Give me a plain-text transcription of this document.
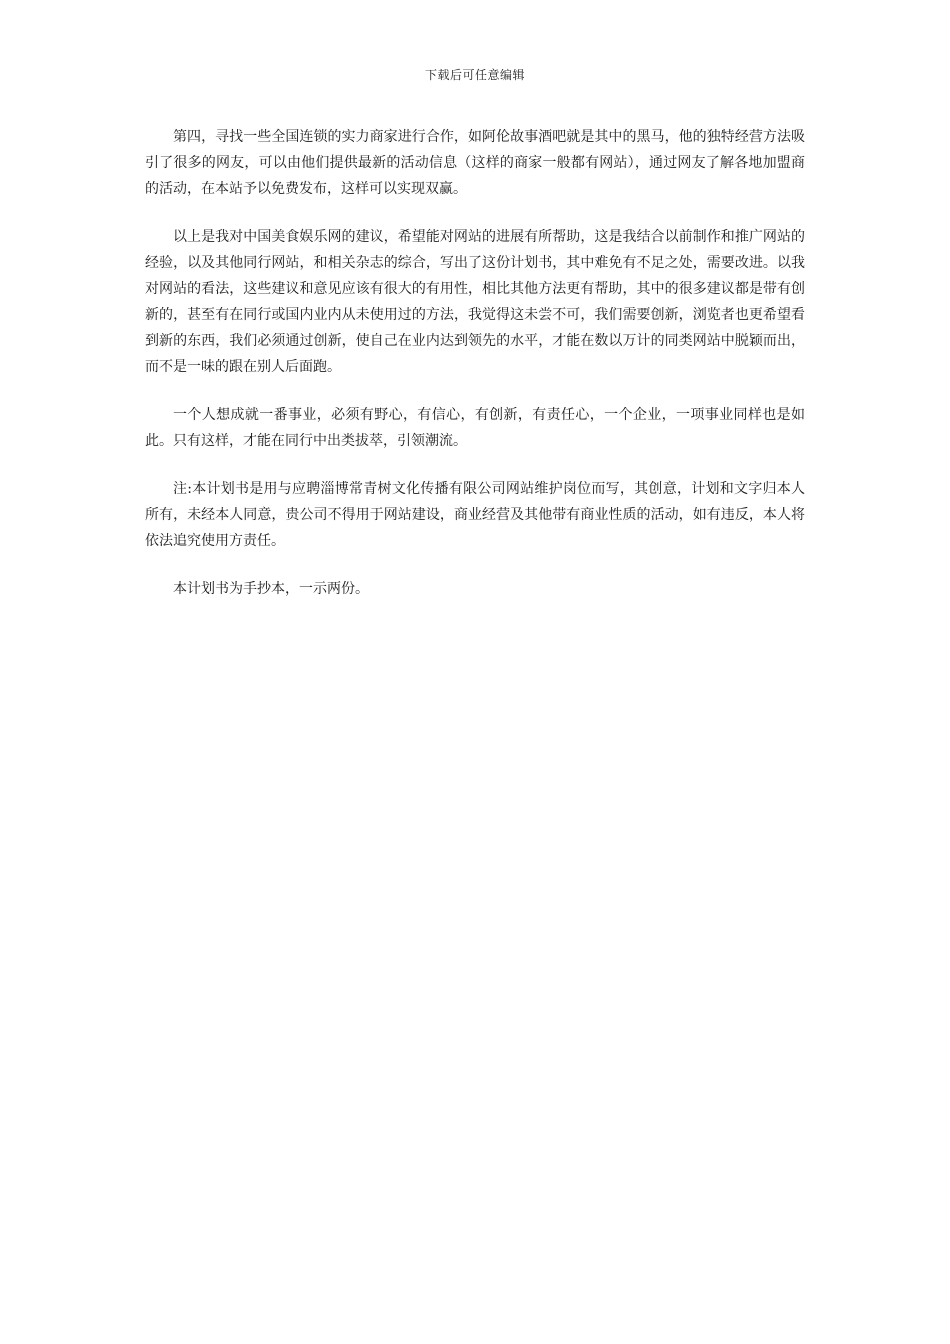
下载后可任意编辑

第四，寻找一些全国连锁的实力商家进行合作，如阿伦故事酒吧就是其中的黑马，他的独特经营方法吸引了很多的网友，可以由他们提供最新的活动信息（这样的商家一般都有网站），通过网友了解各地加盟商的活动，在本站予以免费发布，这样可以实现双赢。

以上是我对中国美食娱乐网的建议，希望能对网站的进展有所帮助，这是我结合以前制作和推广网站的经验，以及其他同行网站，和相关杂志的综合，写出了这份计划书，其中难免有不足之处，需要改进。以我对网站的看法，这些建议和意见应该有很大的有用性，相比其他方法更有帮助，其中的很多建议都是带有创新的，甚至有在同行或国内业内从未使用过的方法，我觉得这未尝不可，我们需要创新，浏览者也更希望看到新的东西，我们必须通过创新，使自己在业内达到领先的水平，才能在数以万计的同类网站中脱颖而出，而不是一味的跟在别人后面跑。

一个人想成就一番事业，必须有野心，有信心，有创新，有责任心，一个企业，一项事业同样也是如此。只有这样，才能在同行中出类拔萃，引领潮流。

注:本计划书是用与应聘淄博常青树文化传播有限公司网站维护岗位而写，其创意，计划和文字归本人所有，未经本人同意，贵公司不得用于网站建设，商业经营及其他带有商业性质的活动，如有违反，本人将依法追究使用方责任。

本计划书为手抄本，一示两份。
